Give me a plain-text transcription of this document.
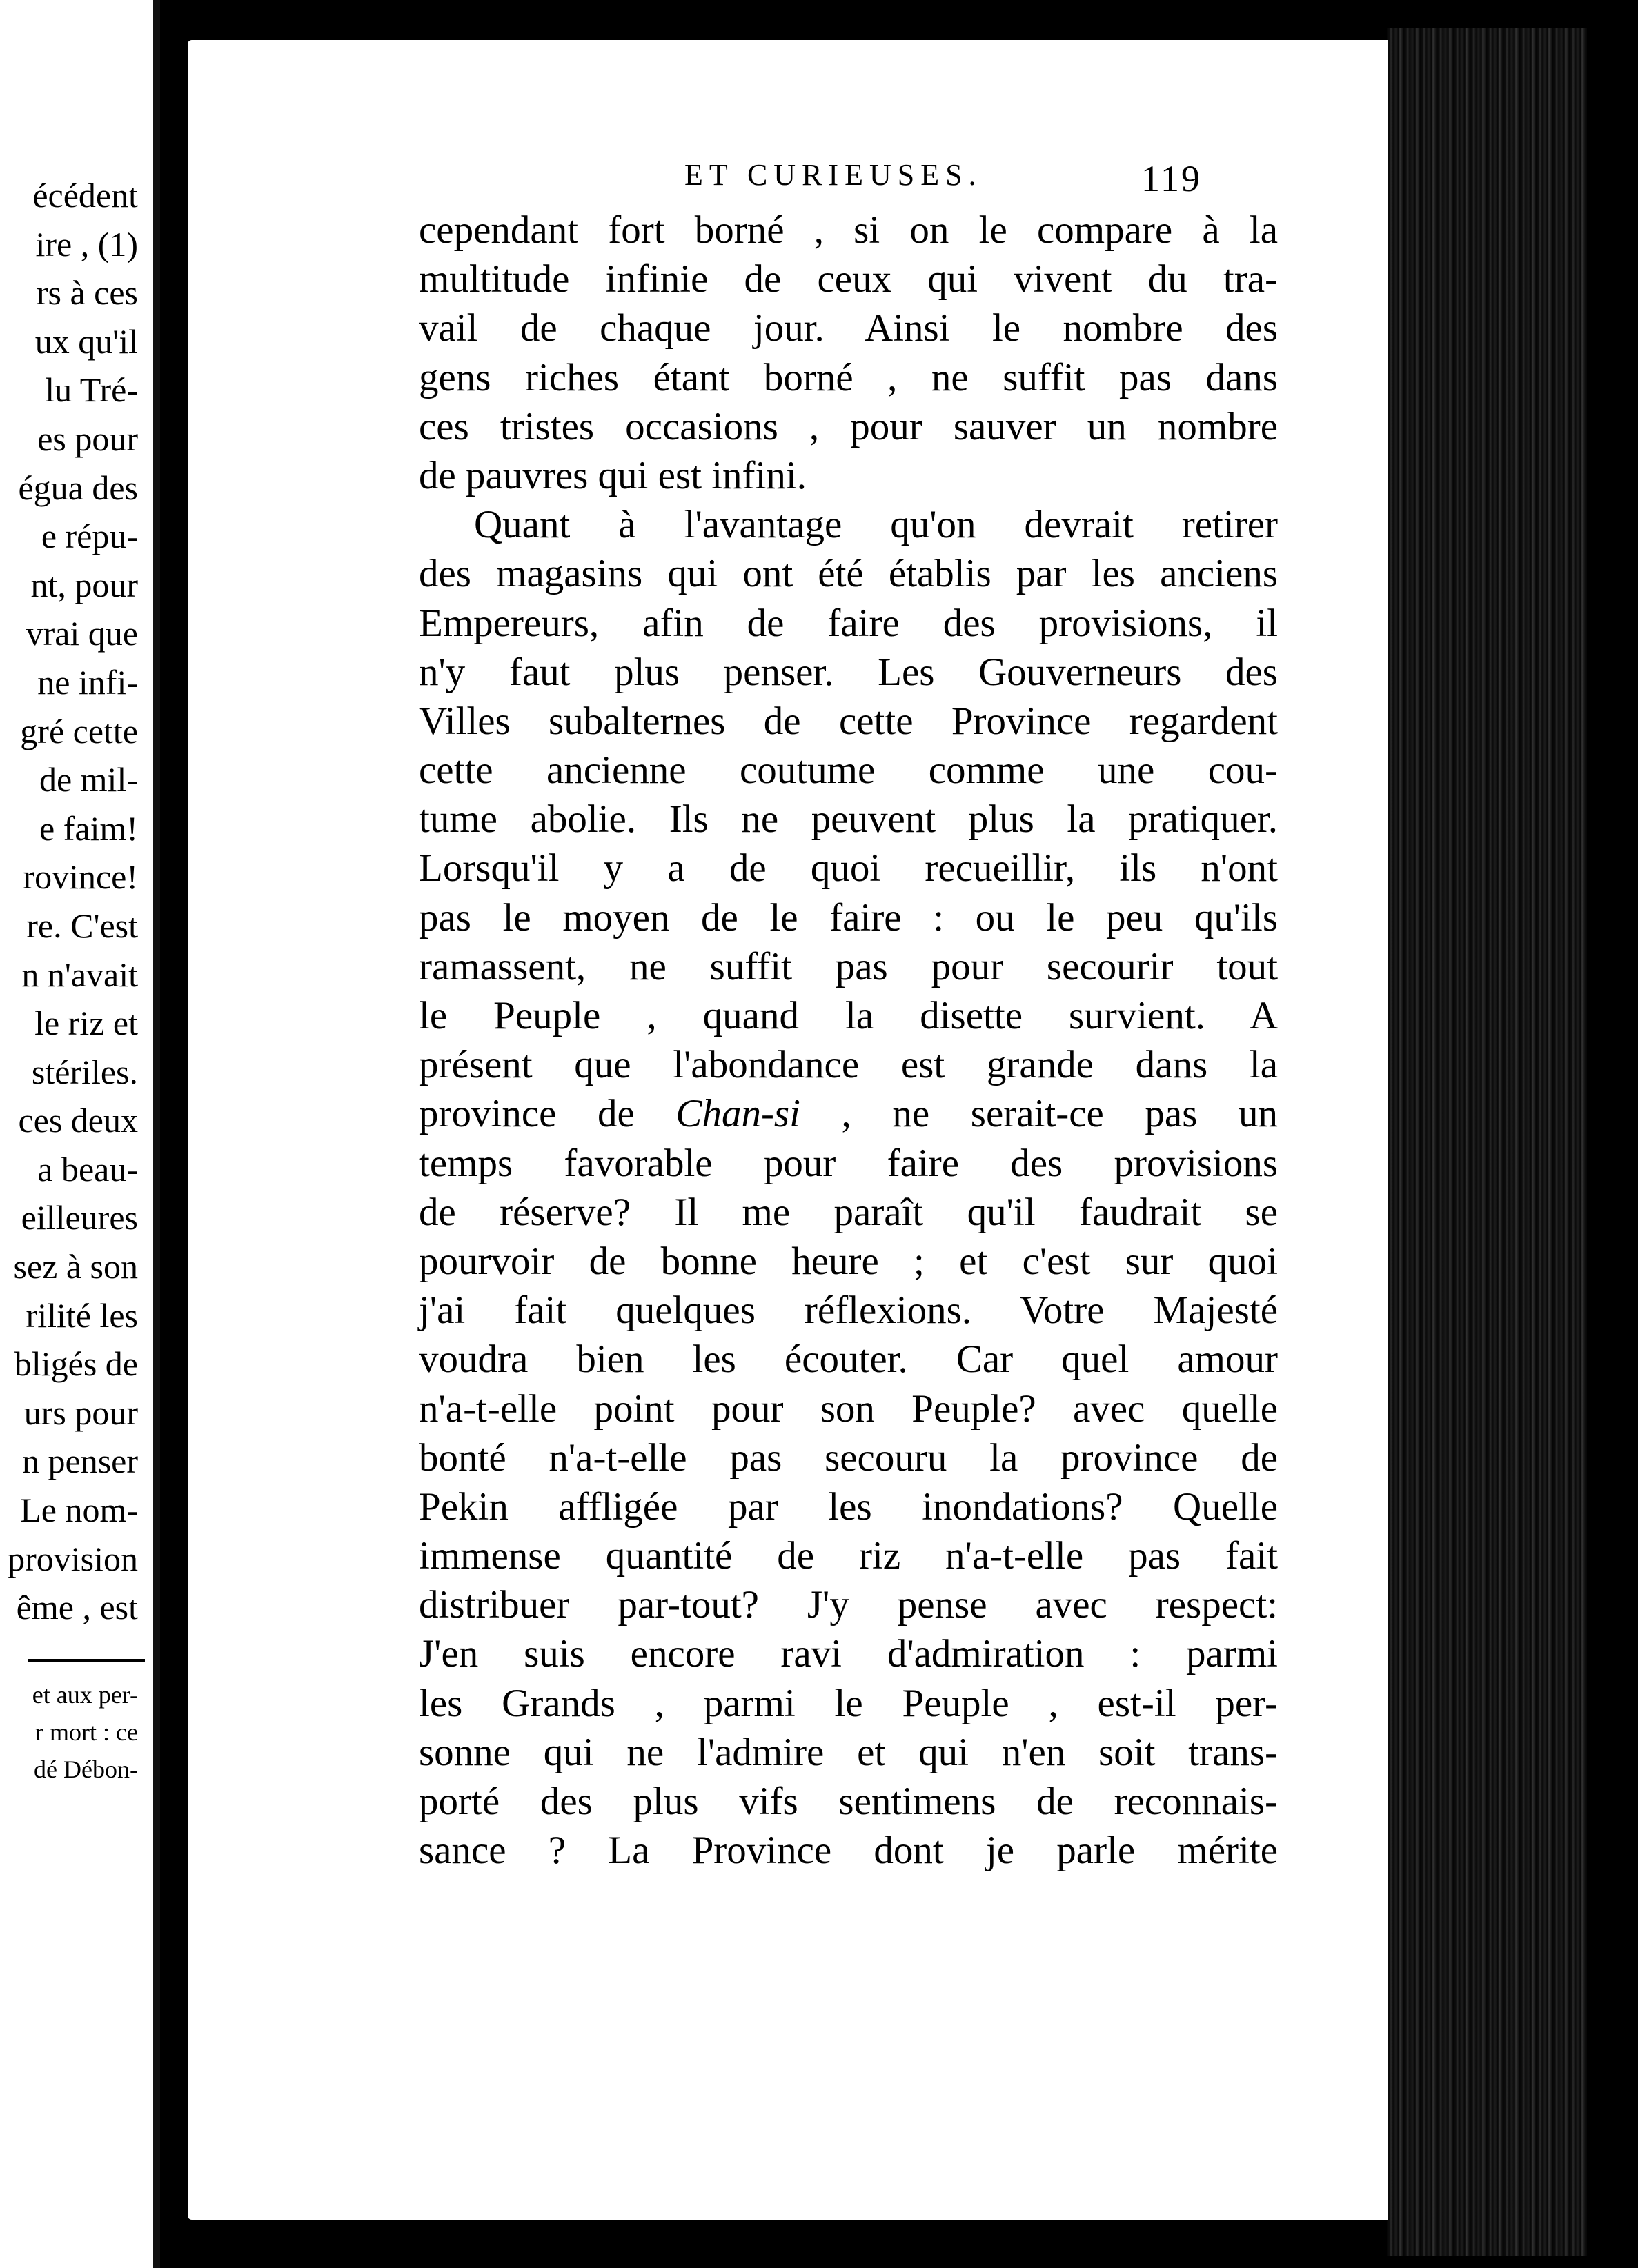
écédent
ire , (1)
rs à ces
ux qu'il
lu Tré-
es pour
égua des
e répu-
nt, pour
vrai que
ne infi-
gré cette
de mil-
e faim!
rovince!
re. C'est
n n'avait
le riz et
stériles.
ces deux
a beau-
eilleures
sez à son
rilité les
bligés de
urs pour
n penser
Le nom-
provision
ême , est
et aux per-
r mort : ce
dé Débon-
ET CURIEUSES.	119
cependant fort borné , si on le compare à la
multitude infinie de ceux qui vivent du tra-
vail de chaque jour. Ainsi le nombre des
gens riches étant borné , ne suffit pas dans
ces tristes occasions , pour sauver un nombre
de pauvres qui est infini.
Quant à l'avantage qu'on devrait retirer
des magasins qui ont été établis par les anciens
Empereurs, afin de faire des provisions, il
n'y faut plus penser. Les Gouverneurs des
Villes subalternes de cette Province regardent
cette ancienne coutume comme une cou-
tume abolie. Ils ne peuvent plus la pratiquer.
Lorsqu'il y a de quoi recueillir, ils n'ont
pas le moyen de le faire : ou le peu qu'ils
ramassent, ne suffit pas pour secourir tout
le Peuple , quand la disette survient. A
présent que l'abondance est grande dans la
province de Chan-si , ne serait-ce pas un
temps favorable pour faire des provisions
de réserve? Il me paraît qu'il faudrait se
pourvoir de bonne heure ; et c'est sur quoi
j'ai fait quelques réflexions. Votre Majesté
voudra bien les écouter. Car quel amour
n'a-t-elle point pour son Peuple? avec quelle
bonté n'a-t-elle pas secouru la province de
Pekin affligée par les inondations? Quelle
immense quantité de riz n'a-t-elle pas fait
distribuer par-tout? J'y pense avec respect:
J'en suis encore ravi d'admiration : parmi
les Grands , parmi le Peuple , est-il per-
sonne qui ne l'admire et qui n'en soit trans-
porté des plus vifs sentimens de reconnais-
sance ? La Province dont je parle mérite
